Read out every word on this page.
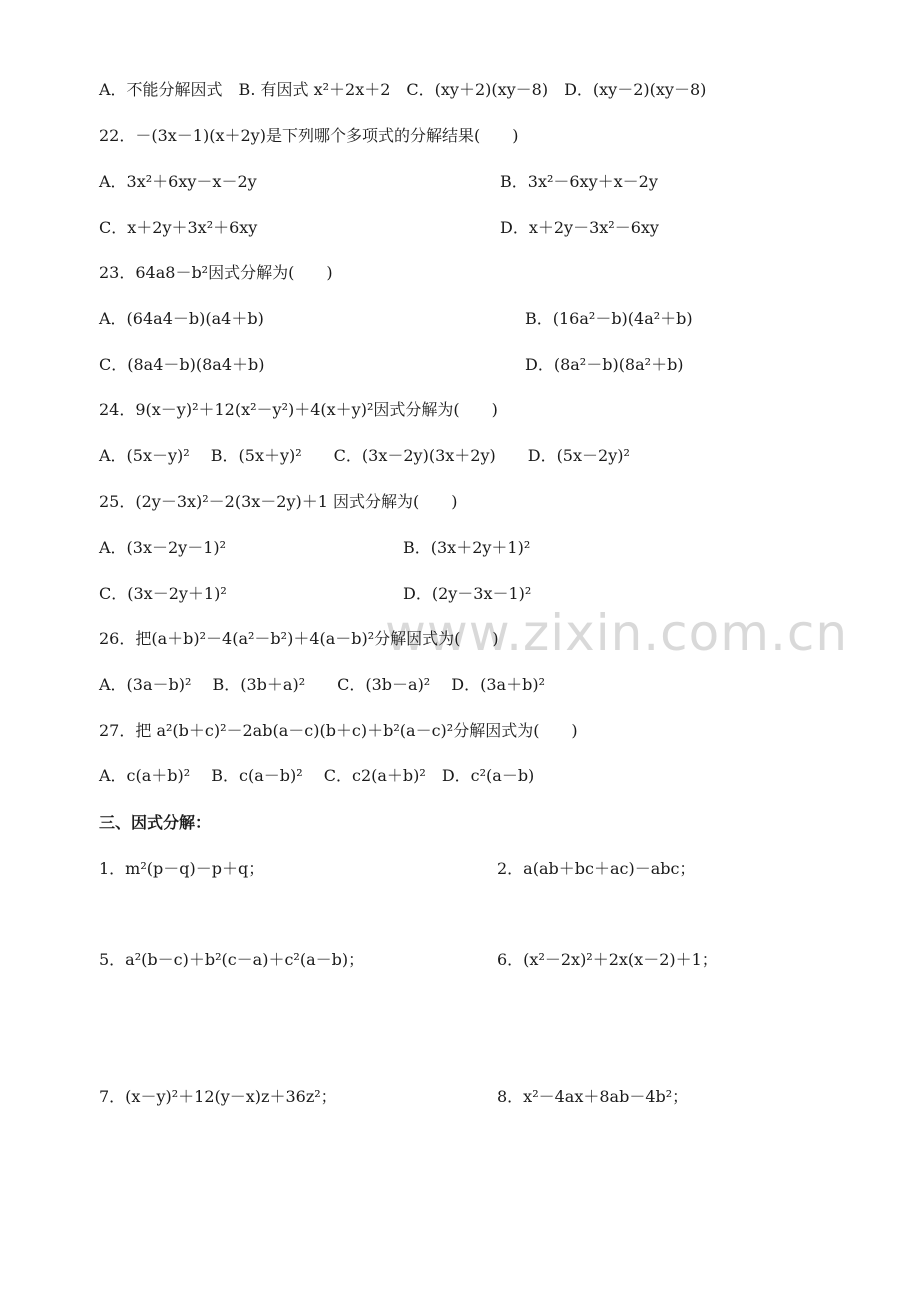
A．不能分解因式　B. 有因式 x²＋2x＋2　C．(xy＋2)(xy－8)　D．(xy－2)(xy－8)
22．－(3x－1)(x＋2y)是下列哪个多项式的分解结果(　　)
A．3x²＋6xy－x－2y	B．3x²－6xy＋x－2y
C．x＋2y＋3x²＋6xy	D．x＋2y－3x²－6xy
23．64a8－b²因式分解为(　　)
A．(64a4－b)(a4＋b)	B．(16a²－b)(4a²＋b)
C．(8a4－b)(8a4＋b)	D．(8a²－b)(8a²＋b)
24．9(x－y)²＋12(x²－y²)＋4(x＋y)²因式分解为(　　)
A．(5x－y)²　 B．(5x＋y)²　　C．(3x－2y)(3x＋2y)　　D．(5x－2y)²
25．(2y－3x)²－2(3x－2y)＋1 因式分解为(　　)
A．(3x－2y－1)²	B．(3x＋2y＋1)²
C．(3x－2y＋1)²	D．(2y－3x－1)²
www.zixin.com.cn
26．把(a＋b)²－4(a²－b²)＋4(a－b)²分解因式为(　　)
A．(3a－b)²　 B．(3b＋a)²　　C．(3b－a)²　 D．(3a＋b)²
27．把 a²(b＋c)²－2ab(a－c)(b＋c)＋b²(a－c)²分解因式为(　　)
A．c(a＋b)²　 B．c(a－b)²　 C．c2(a＋b)²　D．c²(a－b)
三、因式分解：
1．m²(p－q)－p＋q；	2．a(ab＋bc＋ac)－abc；
5．a²(b－c)＋b²(c－a)＋c²(a－b)；	6．(x²－2x)²＋2x(x－2)＋1；
7．(x－y)²＋12(y－x)z＋36z²；	8．x²－4ax＋8ab－4b²；
